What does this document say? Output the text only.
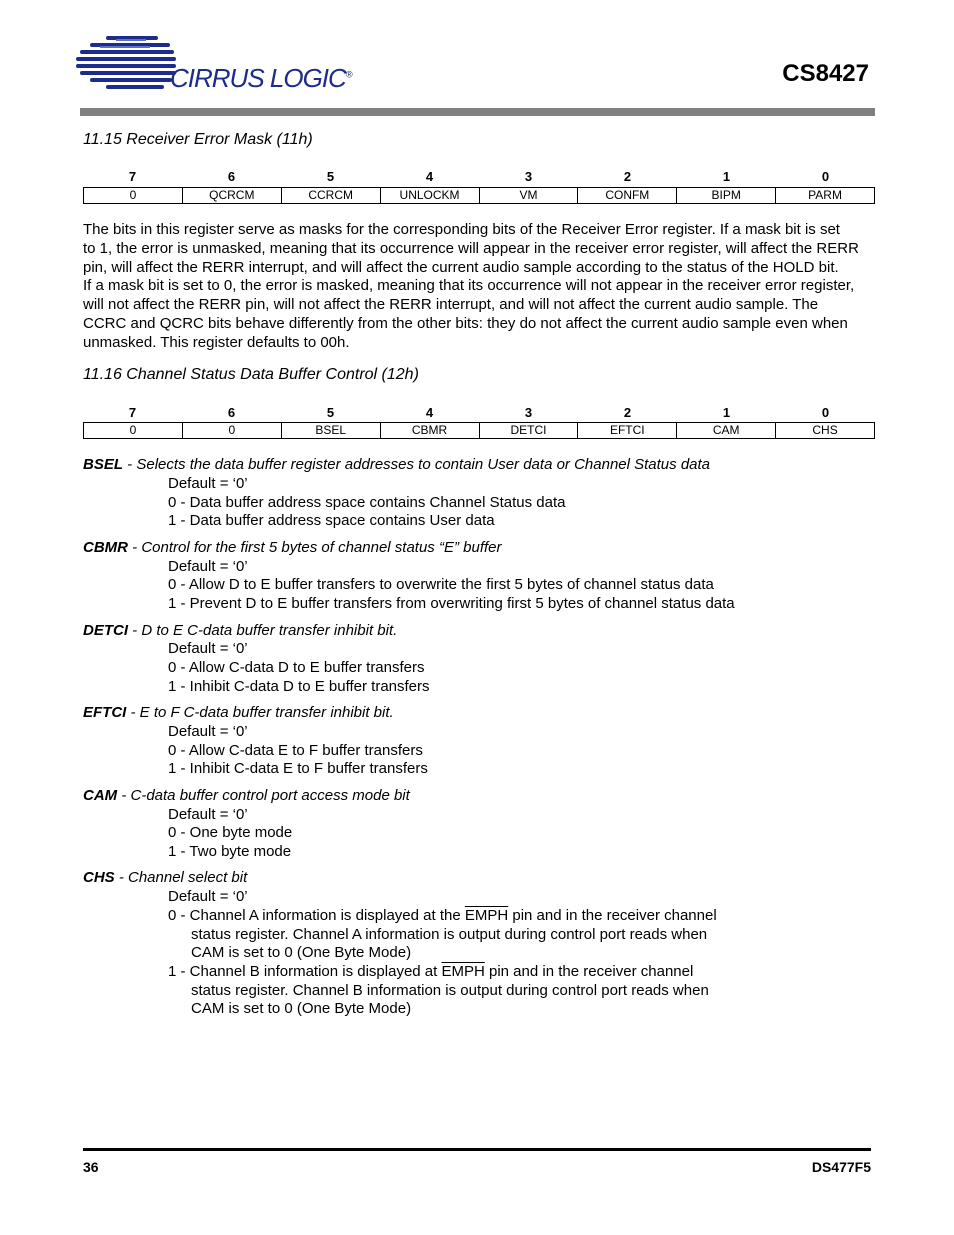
CIRRUS LOGIC®	CS8427
11.15 Receiver Error Mask (11h)
7	6	5	4	3	2	1	0
0	QCRCM	CCRCM	UNLOCKM	VM	CONFM	BIPM	PARM
The bits in this register serve as masks for the corresponding bits of the Receiver Error register. If a mask bit is set
to 1, the error is unmasked, meaning that its occurrence will appear in the receiver error register, will affect the RERR
pin, will affect the RERR interrupt, and will affect the current audio sample according to the status of the HOLD bit.
If a mask bit is set to 0, the error is masked, meaning that its occurrence will not appear in the receiver error register,
will not affect the RERR pin, will not affect the RERR interrupt, and will not affect the current audio sample. The
CCRC and QCRC bits behave differently from the other bits: they do not affect the current audio sample even when
unmasked. This register defaults to 00h.
11.16 Channel Status Data Buffer Control (12h)
7	6	5	4	3	2	1	0
0	0	BSEL	CBMR	DETCI	EFTCI	CAM	CHS
BSEL - Selects the data buffer register addresses to contain User data or Channel Status data
Default = ‘0’
0 - Data buffer address space contains Channel Status data
1 - Data buffer address space contains User data
CBMR - Control for the first 5 bytes of channel status “E” buffer
Default = ‘0’
0 - Allow D to E buffer transfers to overwrite the first 5 bytes of channel status data
1 - Prevent D to E buffer transfers from overwriting first 5 bytes of channel status data
DETCI - D to E C-data buffer transfer inhibit bit.
Default = ‘0’
0 - Allow C-data D to E buffer transfers
1 - Inhibit C-data D to E buffer transfers
EFTCI - E to F C-data buffer transfer inhibit bit.
Default = ‘0’
0 - Allow C-data E to F buffer transfers
1 - Inhibit C-data E to F buffer transfers
CAM - C-data buffer control port access mode bit
Default = ‘0’
0 - One byte mode
1 - Two byte mode
CHS - Channel select bit
Default = ‘0’
0 - Channel A information is displayed at the EMPH pin and in the receiver channel
status register. Channel A information is output during control port reads when
CAM is set to 0 (One Byte Mode)
1 - Channel B information is displayed at EMPH pin and in the receiver channel
status register. Channel B information is output during control port reads when
CAM is set to 0 (One Byte Mode)
36	DS477F5
